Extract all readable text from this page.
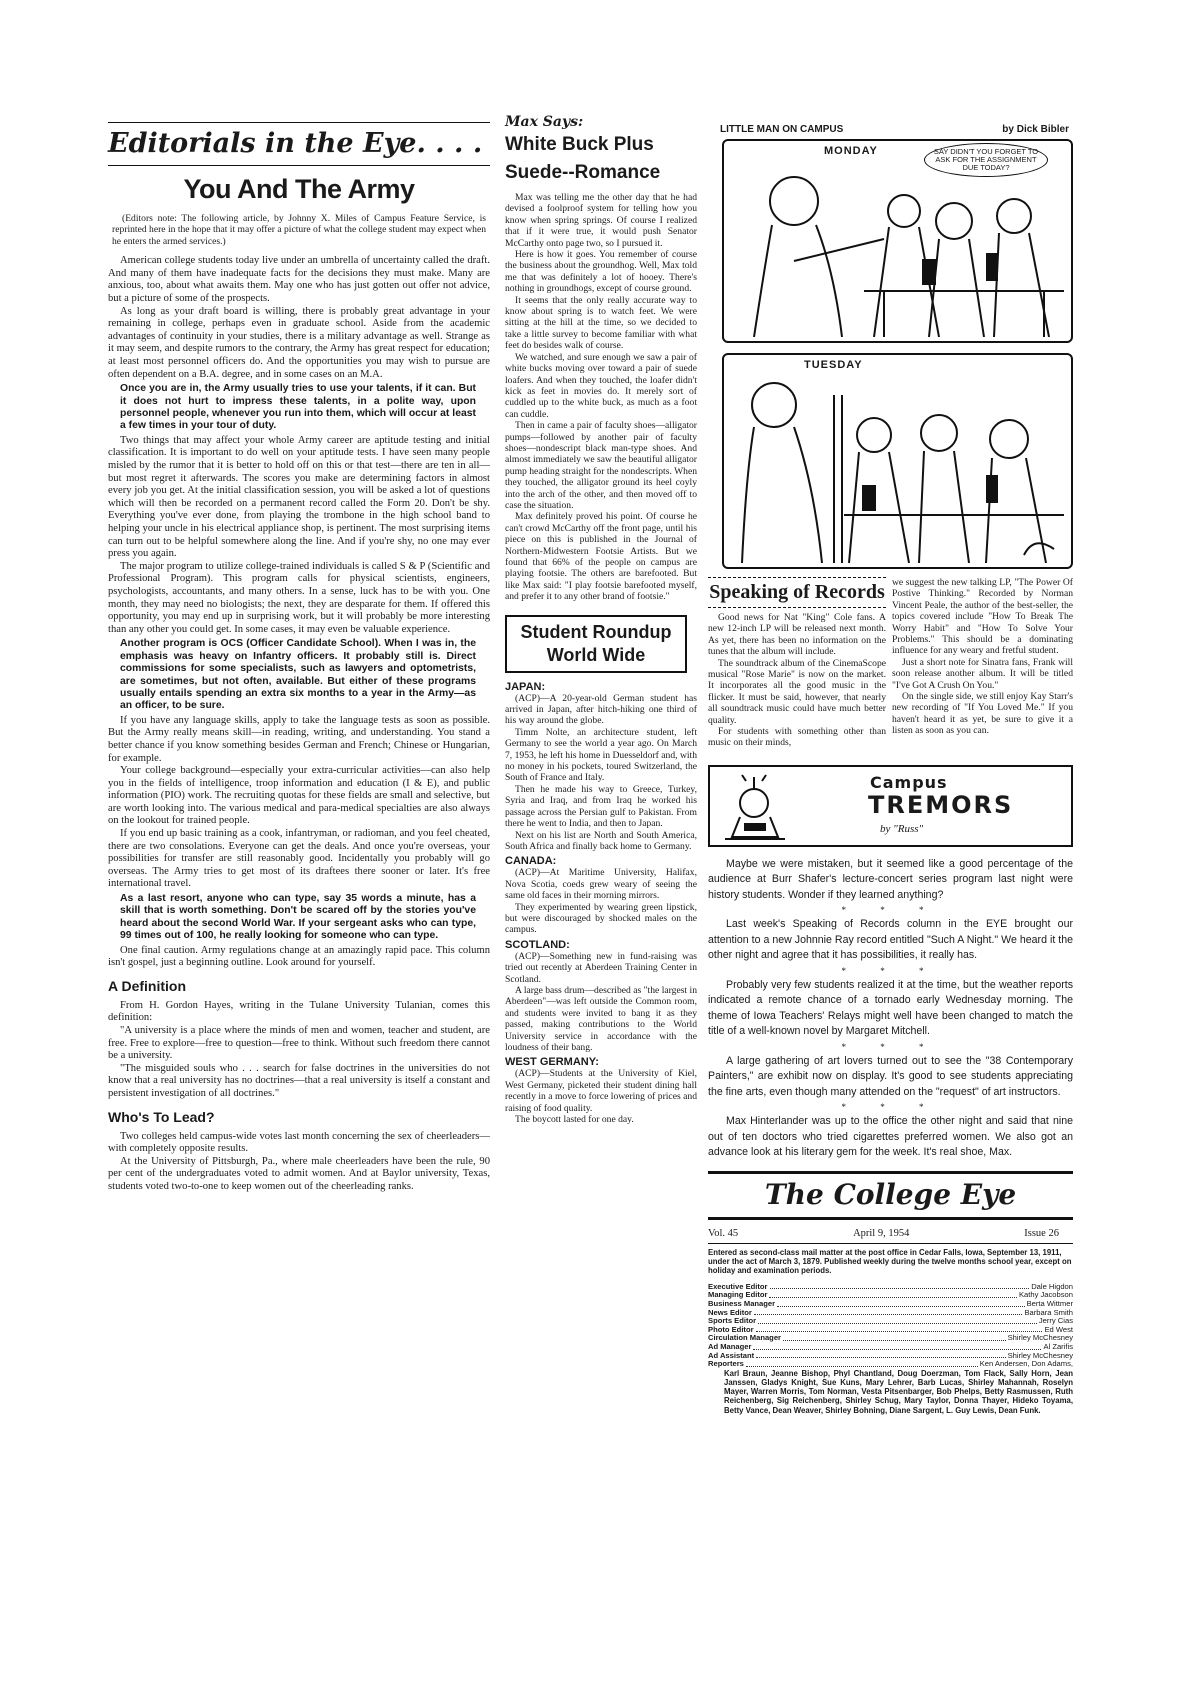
Editorials in the Eye. . . .
You And The Army

(Editors note: The following article, by Johnny X. Miles of Campus Feature Service, is reprinted here in the hope that it may offer a picture of what the college student may expect when he enters the armed services.)

American college students today live under an umbrella of uncertainty called the draft. And many of them have inadequate facts for the decisions they must make. Many are anxious, too, about what awaits them. May one who has just gotten out offer not advice, but a picture of some of the prospects.

As long as your draft board is willing, there is probably great advantage in your remaining in college, perhaps even in graduate school. Aside from the academic advantages of continuity in your studies, there is a military advantage as well. Strange as it may seem, and despite rumors to the contrary, the Army has great respect for education; at least most personnel officers do. And the opportunities you may wish to pursue are often dependent on a B.A. degree, and in some cases on an M.A.

Once you are in, the Army usually tries to use your talents, if it can. But it does not hurt to impress these talents, in a polite way, upon personnel people, whenever you run into them, which will occur at least a few times in your tour of duty.

Two things that may affect your whole Army career are aptitude testing and initial classification. It is important to do well on your aptitude tests. I have seen many people misled by the rumor that it is better to hold off on this or that test—there are ten in all—but most regret it afterwards. The scores you make are determining factors in almost every job you get. At the initial classification session, you will be asked a lot of questions which will then be recorded on a permanent record called the Form 20. Don't be shy. Everything you've ever done, from playing the trombone in the high school band to helping your uncle in his electrical appliance shop, is pertinent. The most surprising items can turn out to be helpful somewhere along the line. And if you're shy, no one may ever press you again.

The major program to utilize college-trained individuals is called S & P (Scientific and Professional Program). This program calls for physical scientists, engineers, psychologists, accountants, and many others. In a sense, luck has to be with you. One month, they may need no biologists; the next, they are desparate for them. If offered this opportunity, you may end up in surprising work, but it will probably be more interesting than any other you could get. In some cases, it may even be valuable experience.

Another program is OCS (Officer Candidate School). When I was in, the emphasis was heavy on Infantry officers. It probably still is. Direct commissions for some specialists, such as lawyers and optometrists, are sometimes, but not often, available. But either of these programs usually entails spending an extra six months to a year in the Army—as an officer, to be sure.

If you have any language skills, apply to take the language tests as soon as possible. But the Army really means skill—in reading, writing, and understanding. You stand a better chance if you know something besides German and French; Chinese or Hungarian, for example.

Your college background—especially your extra-curricular activities—can also help you in the fields of intelligence, troop information and education (I & E), and public information (PIO) work. The recruiting quotas for these fields are small and selective, but are worth looking into. The various medical and para-medical specialties are also always on the lookout for trained people.

If you end up basic training as a cook, infantryman, or radioman, and you feel cheated, there are two consolations. Everyone can get the deals. And once you're overseas, your possibilities for transfer are still reasonably good. Incidentally you probably will go overseas. The Army tries to get most of its draftees there sooner or later. It's free international travel.

As a last resort, anyone who can type, say 35 words a minute, has a skill that is worth something. Don't be scared off by the stories you've heard about the second World War. If your sergeant asks who can type, 99 times out of 100, he really looking for someone who can type.

One final caution. Army regulations change at an amazingly rapid pace. This column isn't gospel, just a beginning outline. Look around for yourself.

A Definition

From H. Gordon Hayes, writing in the Tulane University Tulanian, comes this definition:

"A university is a place where the minds of men and women, teacher and student, are free. Free to explore—free to question—free to think. Without such freedom there cannot be a university.

"The misguided souls who . . . search for false doctrines in the universities do not know that a real university has no doctrines—that a real university is itself a constant and persistent investigation of all doctrines."

Who's To Lead?

Two colleges held campus-wide votes last month concerning the sex of cheerleaders—with completely opposite results.

At the University of Pittsburgh, Pa., where male cheerleaders have been the rule, 90 per cent of the undergraduates voted to admit women. And at Baylor university, Texas, students voted two-to-one to keep women out of the cheerleading ranks.

Max Says:
White Buck Plus
Suede--Romance

Max was telling me the other day that he had devised a foolproof system for telling how you know when spring springs. Of course I realized that if it were true, it would push Senator McCarthy onto page two, so I pursued it.

Here is how it goes. You remember of course the business about the groundhog. Well, Max told me that was definitely a lot of hooey. There's nothing in groundhogs, except of course ground.

It seems that the only really accurate way to know about spring is to watch feet. We were sitting at the hill at the time, so we decided to take a little survey to become familiar with what feet do besides walk of course.

We watched, and sure enough we saw a pair of white bucks moving over toward a pair of suede loafers. And when they touched, the loafer didn't kick as feet in movies do. It merely sort of cuddled up to the white buck, as much as a foot can cuddle.

Then in came a pair of faculty shoes—alligator pumps—followed by another pair of faculty shoes—nondescript black man-type shoes. And almost immediately we saw the beautiful alligator pump heading straight for the nondescripts. When they touched, the alligator ground its heel coyly into the arch of the other, and then moved off to case the situation.

Max definitely proved his point. Of course he can't crowd McCarthy off the front page, until his piece on this is published in the Journal of Northern-Midwestern Footsie Artists. But we found that 66% of the people on campus are playing footsie. The others are barefooted. But like Max said: "I play footsie barefooted myself, and prefer it to any other brand of footsie."

Student Roundup World Wide
JAPAN:

(ACP)—A 20-year-old German student has arrived in Japan, after hitch-hiking one third of his way around the globe.

Timm Nolte, an architecture student, left Germany to see the world a year ago. On March 7, 1953, he left his home in Duesseldorf and, with no money in his pockets, toured Switzerland, the South of France and Italy.

Then he made his way to Greece, Turkey, Syria and Iraq, and from Iraq he worked his passage across the Persian gulf to Pakistan. From there he went to India, and then to Japan.

Next on his list are North and South America, South Africa and finally back home to Germany.

CANADA:

(ACP)—At Maritime University, Halifax, Nova Scotia, coeds grew weary of seeing the same old faces in their morning mirrors.

They experimented by wearing green lipstick, but were discouraged by shocked males on the campus.

SCOTLAND:

(ACP)—Something new in fund-raising was tried out recently at Aberdeen Training Center in Scotland.

A large bass drum—described as "the largest in Aberdeen"—was left outside the Common room, and students were invited to bang it as they passed, making contributions to the World University service in accordance with the loudness of their bang.

WEST GERMANY:

(ACP)—Students at the University of Kiel, West Germany, picketed their student dining hall recently in a move to force lowering of prices and raising of food quality.

The boycott lasted for one day.

LITTLE MAN ON CAMPUS	by Dick Bibler
MONDAY	SAY DIDN'T YOU FORGET TO ASK FOR THE ASSIGNMENT DUE TODAY?
TUESDAY
Speaking of Records

Good news for Nat "King" Cole fans. A new 12-inch LP will be released next month. As yet, there has been no information on the tunes that the album will include.

The soundtrack album of the CinemaScope musical "Rose Marie" is now on the market. It incorporates all the good music in the flicker. It must be said, however, that nearly all soundtrack music could have much better quality.

For students with something other than music on their minds,

we suggest the new talking LP, "The Power Of Postive Thinking." Recorded by Norman Vincent Peale, the author of the best-seller, the topics covered include "How To Break The Worry Habit" and "How To Solve Your Problems." This should be a dominating influence for any weary and fretful student.

Just a short note for Sinatra fans, Frank will soon release another album. It will be titled "I've Got A Crush On You."

On the single side, we still enjoy Kay Starr's new recording of "If You Loved Me." If you haven't heard it as yet, be sure to give it a listen as soon as you can.

Campus
TREMORS
by "Russ"

Maybe we were mistaken, but it seemed like a good percentage of the audience at Burr Shafer's lecture-concert series program last night were history students. Wonder if they learned anything?

* * *

Last week's Speaking of Records column in the EYE brought our attention to a new Johnnie Ray record entitled "Such A Night." We heard it the other night and agree that it has possibilities, it really has.

* * *

Probably very few students realized it at the time, but the weather reports indicated a remote chance of a tornado early Wednesday morning. The theme of Iowa Teachers' Relays might well have been changed to match the title of a well-known novel by Margaret Mitchell.

* * *

A large gathering of art lovers turned out to see the "38 Contemporary Painters," are exhibit now on display. It's good to see students appreciating the fine arts, even though many attended on the "request" of art instructors.

* * *

Max Hinterlander was up to the office the other night and said that nine out of ten doctors who tried cigarettes preferred women. We also got an advance look at his literary gem for the week. It's real shoe, Max.

The College Eye
Vol. 45	April 9, 1954	Issue 26

Entered as second-class mail matter at the post office in Cedar Falls, Iowa, September 13, 1911, under the act of March 3, 1879. Published weekly during the twelve months school year, except on holiday and examination periods.

Executive Editor	Dale Higdon
Managing Editor	Kathy Jacobson
Business Manager	Berta Wittmer
News Editor	Barbara Smith
Sports Editor	Jerry Cias
Photo Editor	Ed West
Circulation Manager	Shirley McChesney
Ad Manager	Al Zarifis
Ad Assistant	Shirley McChesney
Reporters	Ken Andersen, Don Adams,

Karl Braun, Jeanne Bishop, Phyl Chantland, Doug Doerzman, Tom Flack, Sally Horn, Jean Janssen, Gladys Knight, Sue Kuns, Mary Lehrer, Barb Lucas, Shirley Mahannah, Roselyn Mayer, Warren Morris, Tom Norman, Vesta Pitsenbarger, Bob Phelps, Betty Rasmussen, Ruth Reichenberg, Sig Reichenberg, Shirley Schug, Mary Taylor, Donna Thayer, Hideko Toyama, Betty Vance, Dean Weaver, Shirley Bohning, Diane Sargent, L. Guy Lewis, Dean Funk.
